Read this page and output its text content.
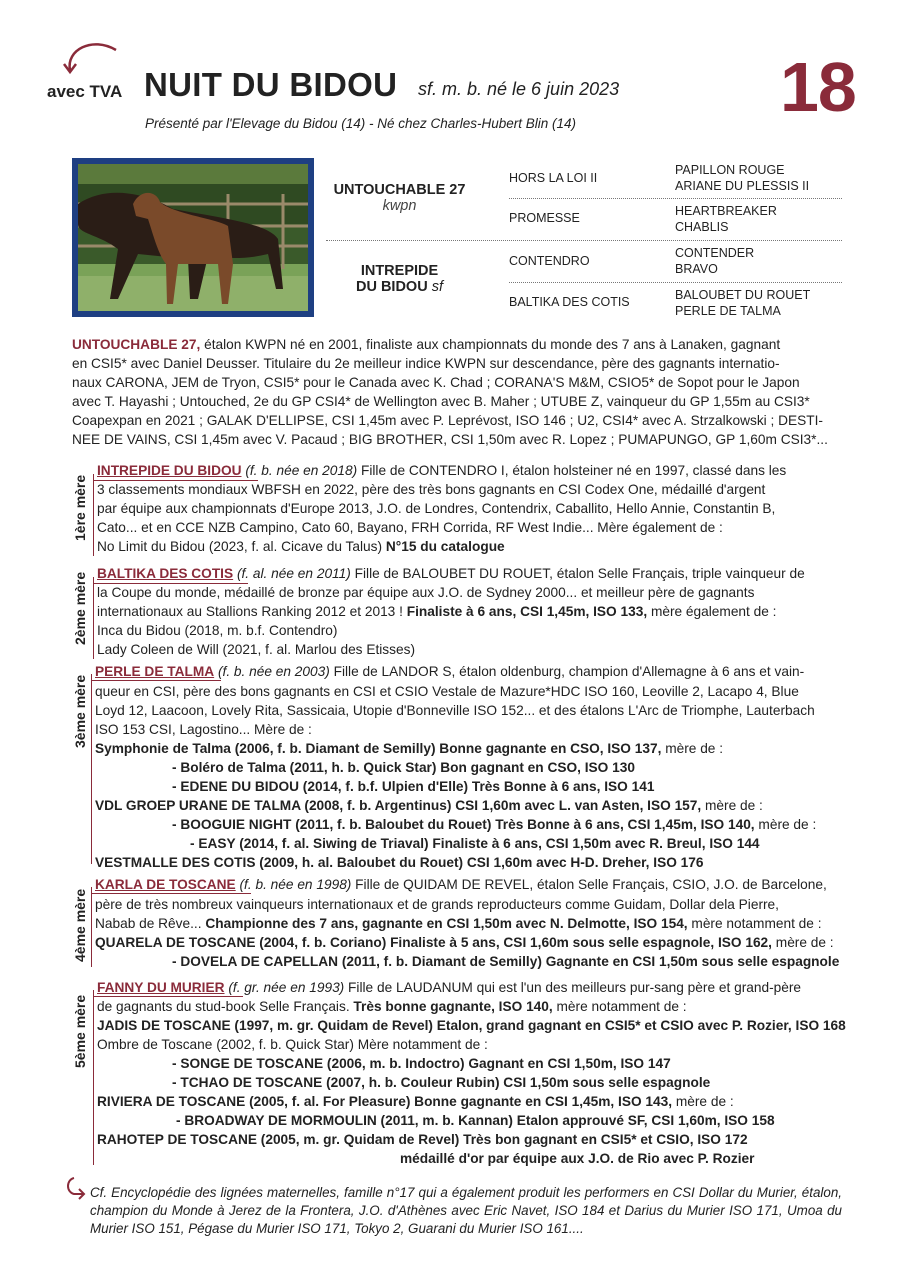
avec TVA NUIT DU BIDOU sf. m. b. né le 6 juin 2023
Présenté par l'Elevage du Bidou (14) - Né chez Charles-Hubert Blin (14)	18
UNTOUCHABLE 27
kwpn
INTREPIDE
DU BIDOU sf
HORS LA LOI II
PROMESSE
CONTENDRO
BALTIKA DES COTIS
PAPILLON ROUGE
ARIANE DU PLESSIS II
HEARTBREAKER
CHABLIS
CONTENDER
BRAVO
BALOUBET DU ROUET
PERLE DE TALMA
UNTOUCHABLE 27, étalon KWPN né en 2001, finaliste aux championnats du monde des 7 ans à Lanaken, gagnant
en CSI5* avec Daniel Deusser. Titulaire du 2e meilleur indice KWPN sur descendance, père des gagnants internatio-
naux CARONA, JEM de Tryon, CSI5* pour le Canada avec K. Chad ; CORANA'S M&M, CSIO5* de Sopot pour le Japon
avec T. Hayashi ; Untouched, 2e du GP CSI4* de Wellington avec B. Maher ; UTUBE Z, vainqueur du GP 1,55m au CSI3*
Coapexpan en 2021 ; GALAK D'ELLIPSE, CSI 1,45m avec P. Leprévost, ISO 146 ; U2, CSI4* avec A. Strzalkowski ; DESTI-
NEE DE VAINS, CSI 1,45m avec V. Pacaud ; BIG BROTHER, CSI 1,50m avec R. Lopez ; PUMAPUNGO, GP 1,60m CSI3*...
1ère mère
INTREPIDE DU BIDOU (f. b. née en 2018) Fille de CONTENDRO I, étalon holsteiner né en 1997, classé dans les
3 classements mondiaux WBFSH en 2022, père des très bons gagnants en CSI Codex One, médaillé d'argent
par équipe aux championnats d'Europe 2013, J.O. de Londres, Contendrix, Caballito, Hello Annie, Constantin B,
Cato... et en CCE NZB Campino, Cato 60, Bayano, FRH Corrida, RF West Indie... Mère également de :
No Limit du Bidou (2023, f. al. Cicave du Talus) N°15 du catalogue
2ème mère BALTIKA DES COTIS (f. al. née en 2011) Fille de BALOUBET DU ROUET, étalon Selle Français, triple vainqueur de
la Coupe du monde, médaillé de bronze par équipe aux J.O. de Sydney 2000... et meilleur père de gagnants
internationaux au Stallions Ranking 2012 et 2013 ! Finaliste à 6 ans, CSI 1,45m, ISO 133, mère également de :
Inca du Bidou (2018, m. b.f. Contendro)
Lady Coleen de Will (2021, f. al. Marlou des Etisses)
3ème mère
PERLE DE TALMA (f. b. née en 2003) Fille de LANDOR S, étalon oldenburg, champion d'Allemagne à 6 ans et vain-
queur en CSI, père des bons gagnants en CSI et CSIO Vestale de Mazure*HDC ISO 160, Leoville 2, Lacapo 4, Blue
Loyd 12, Laacoon, Lovely Rita, Sassicaia, Utopie d'Bonneville ISO 152... et des étalons L'Arc de Triomphe, Lauterbach
ISO 153 CSI, Lagostino... Mère de :
Symphonie de Talma (2006, f. b. Diamant de Semilly) Bonne gagnante en CSO, ISO 137, mère de :
- Boléro de Talma (2011, h. b. Quick Star) Bon gagnant en CSO, ISO 130
- EDENE DU BIDOU (2014, f. b.f. Ulpien d'Elle) Très Bonne à 6 ans, ISO 141
VDL GROEP URANE DE TALMA (2008, f. b. Argentinus) CSI 1,60m avec L. van Asten, ISO 157, mère de :
- BOOGUIE NIGHT (2011, f. b. Baloubet du Rouet) Très Bonne à 6 ans, CSI 1,45m, ISO 140, mère de :
- EASY (2014, f. al. Siwing de Triaval) Finaliste à 6 ans, CSI 1,50m avec R. Breul, ISO 144
VESTMALLE DES COTIS (2009, h. al. Baloubet du Rouet) CSI 1,60m avec H-D. Dreher, ISO 176
4ème mère
KARLA DE TOSCANE (f. b. née en 1998) Fille de QUIDAM DE REVEL, étalon Selle Français, CSIO, J.O. de Barcelone,
père de très nombreux vainqueurs internationaux et de grands reproducteurs comme Guidam, Dollar dela Pierre,
Nabab de Rêve... Championne des 7 ans, gagnante en CSI 1,50m avec N. Delmotte, ISO 154, mère notamment de :
QUARELA DE TOSCANE (2004, f. b. Coriano) Finaliste à 5 ans, CSI 1,60m sous selle espagnole, ISO 162, mère de :
- DOVELA DE CAPELLAN (2011, f. b. Diamant de Semilly) Gagnante en CSI 1,50m sous selle espagnole
5ème mère
FANNY DU MURIER (f. gr. née en 1993) Fille de LAUDANUM qui est l'un des meilleurs pur-sang père et grand-père
de gagnants du stud-book Selle Français. Très bonne gagnante, ISO 140, mère notamment de :
JADIS DE TOSCANE (1997, m. gr. Quidam de Revel) Etalon, grand gagnant en CSI5* et CSIO avec P. Rozier, ISO 168
Ombre de Toscane (2002, f. b. Quick Star) Mère notamment de :
- SONGE DE TOSCANE (2006, m. b. Indoctro) Gagnant en CSI 1,50m, ISO 147
- TCHAO DE TOSCANE (2007, h. b. Couleur Rubin) CSI 1,50m sous selle espagnole
RIVIERA DE TOSCANE (2005, f. al. For Pleasure) Bonne gagnante en CSI 1,45m, ISO 143, mère de :
- BROADWAY DE MORMOULIN (2011, m. b. Kannan) Etalon approuvé SF, CSI 1,60m, ISO 158
RAHOTEP DE TOSCANE (2005, m. gr. Quidam de Revel) Très bon gagnant en CSI5* et CSIO, ISO 172
médaillé d'or par équipe aux J.O. de Rio avec P. Rozier
Cf. Encyclopédie des lignées maternelles, famille n°17 qui a également produit les performers en CSI Dollar du Murier, étalon, champion du Monde à Jerez de la Frontera, J.O. d'Athènes avec Eric Navet, ISO 184 et Darius du Murier ISO 171, Umoa du Murier ISO 151, Pégase du Murier ISO 171, Tokyo 2, Guarani du Murier ISO 161....
